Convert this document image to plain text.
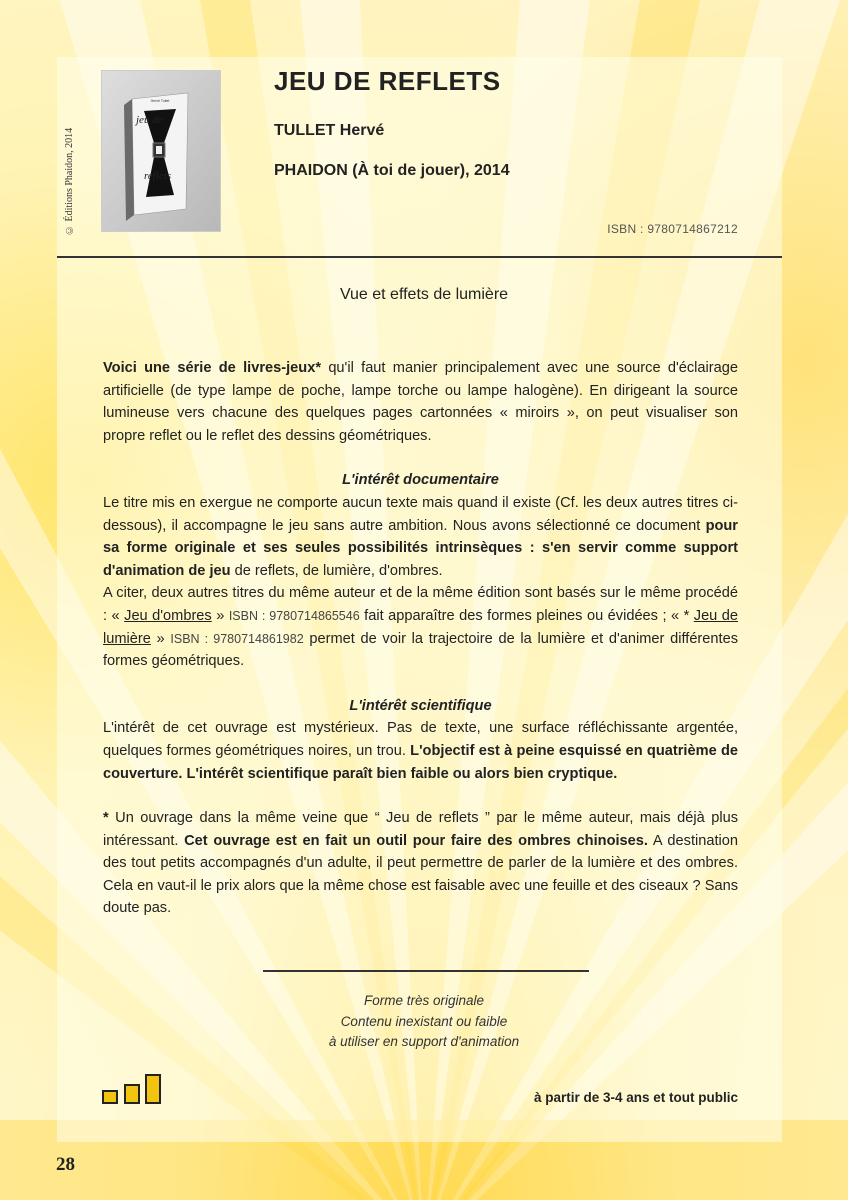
© Éditions Phaidon, 2014
Hervé Tullet
jeu de
reflets
JEU DE REFLETS
TULLET Hervé
PHAIDON (À toi de jouer), 2014
ISBN : 9780714867212
Vue et effets de lumière

Voici une série de livres-jeux* qu'il faut manier principalement avec une source d'éclairage artificielle (de type lampe de poche, lampe torche ou lampe halogène). En dirigeant la source lumineuse vers chacune des quelques pages cartonnées « miroirs », on peut visualiser son propre reflet ou le reflet des dessins géométriques.

L'intérêt documentaire

Le titre mis en exergue ne comporte aucun texte mais quand il existe (Cf. les deux autres titres ci-dessous), il accompagne le jeu sans autre ambition. Nous avons sélectionné ce document pour sa forme originale et ses seules possibilités intrinsèques : s'en servir comme support d'animation de jeu de reflets, de lumière, d'ombres.

A citer, deux autres titres du même auteur et de la même édition sont basés sur le même procédé : « Jeu d'ombres » ISBN : 9780714865546 fait apparaître des formes pleines ou évidées ; « * Jeu de lumière » ISBN : 9780714861982 permet de voir la trajectoire de la lumière et d'animer différentes formes géométriques.

L'intérêt scientifique

L'intérêt de cet ouvrage est mystérieux. Pas de texte, une surface réfléchissante argentée, quelques formes géométriques noires, un trou. L'objectif est à peine esquissé en quatrième de couverture. L'intérêt scientifique paraît bien faible ou alors bien cryptique.

* Un ouvrage dans la même veine que “ Jeu de reflets ” par le même auteur, mais déjà plus intéressant. Cet ouvrage est en fait un outil pour faire des ombres chinoises. A destination des tout petits accompagnés d'un adulte, il peut permettre de parler de la lumière et des ombres. Cela en vaut-il le prix alors que la même chose est faisable avec une feuille et des ciseaux ? Sans doute pas.

Forme très originale
Contenu inexistant ou faible
à utiliser en support d'animation
à partir de 3-4 ans et tout public
28
